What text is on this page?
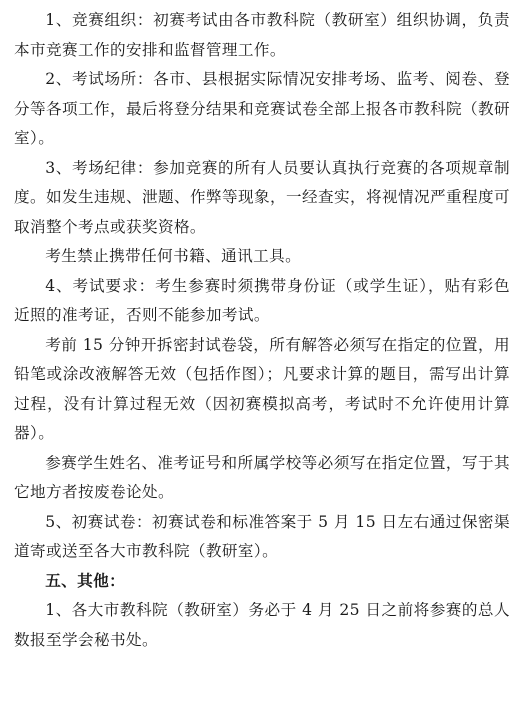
1、竞赛组织：初赛考试由各市教科院（教研室）组织协调，负责本市竞赛工作的安排和监督管理工作。

2、考试场所：各市、县根据实际情况安排考场、监考、阅卷、登分等各项工作，最后将登分结果和竞赛试卷全部上报各市教科院（教研室）。

3、考场纪律：参加竞赛的所有人员要认真执行竞赛的各项规章制度。如发生违规、泄题、作弊等现象，一经查实，将视情况严重程度可取消整个考点或获奖资格。

考生禁止携带任何书籍、通讯工具。

4、考试要求：考生参赛时须携带身份证（或学生证），贴有彩色近照的准考证，否则不能参加考试。

考前 15 分钟开拆密封试卷袋，所有解答必须写在指定的位置，用铅笔或涂改液解答无效（包括作图）；凡要求计算的题目，需写出计算过程，没有计算过程无效（因初赛模拟高考，考试时不允许使用计算器）。

参赛学生姓名、准考证号和所属学校等必须写在指定位置，写于其它地方者按废卷论处。

5、初赛试卷：初赛试卷和标准答案于 5 月 15 日左右通过保密渠道寄或送至各大市教科院（教研室）。

五、其他：

1、各大市教科院（教研室）务必于 4 月 25 日之前将参赛的总人数报至学会秘书处。
